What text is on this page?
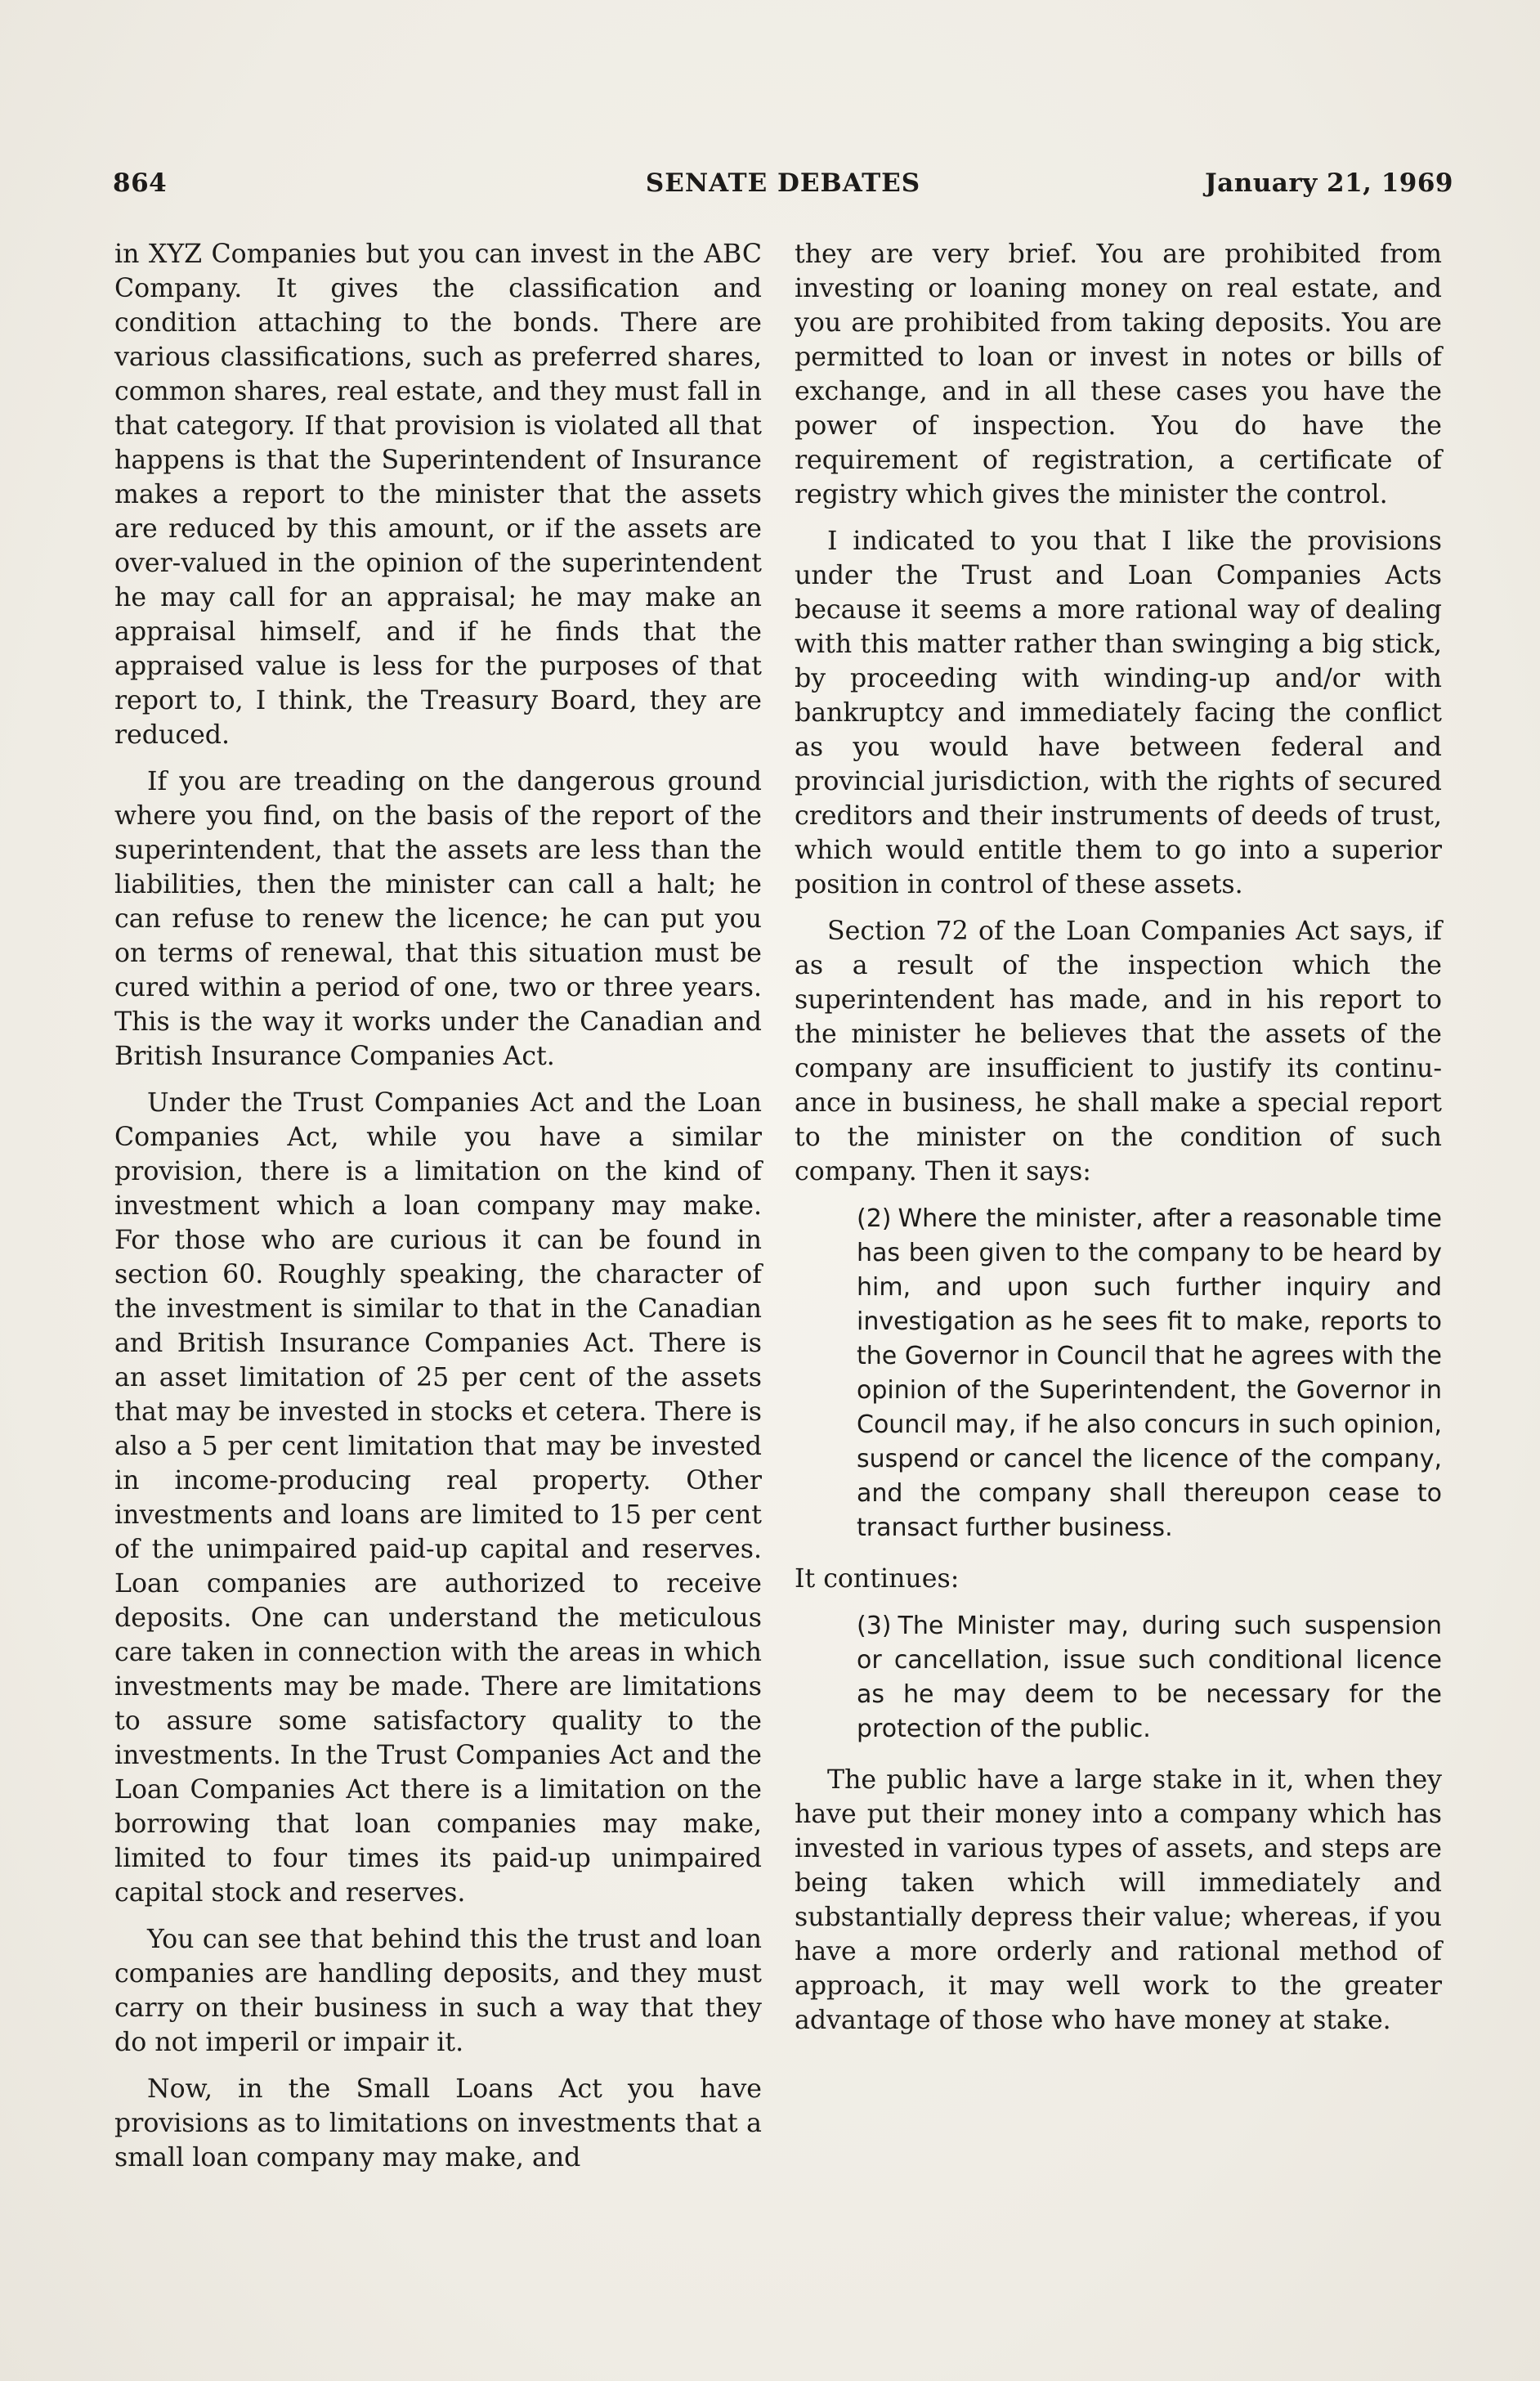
864	SENATE DEBATES	January 21, 1969

in XYZ Companies but you can invest in the ABC Company. It gives the classification and condition attaching to the bonds. There are various classifications, such as preferred shares, common shares, real estate, and they must fall in that category. If that provision is violated all that happens is that the Superintendent of Insurance makes a report to the minister that the assets are reduced by this amount, or if the assets are over-valued in the opinion of the superintendent he may call for an appraisal; he may make an appraisal himself, and if he finds that the appraised value is less for the purposes of that report to, I think, the Treasury Board, they are reduced.

If you are treading on the dangerous ground where you find, on the basis of the report of the superintendent, that the assets are less than the liabilities, then the minister can call a halt; he can refuse to renew the licence; he can put you on terms of renewal, that this situation must be cured within a period of one, two or three years. This is the way it works under the Canadian and British Insurance Companies Act.

Under the Trust Companies Act and the Loan Companies Act, while you have a similar provision, there is a limitation on the kind of investment which a loan company may make. For those who are curious it can be found in section 60. Roughly speaking, the character of the investment is similar to that in the Canadian and British Insurance Companies Act. There is an asset limitation of 25 per cent of the assets that may be invested in stocks et cetera. There is also a 5 per cent limitation that may be invested in income-producing real property. Other investments and loans are limited to 15 per cent of the unimpaired paid-up capital and reserves. Loan companies are authorized to receive deposits. One can understand the meticulous care taken in connection with the areas in which investments may be made. There are limitations to assure some satisfactory quality to the investments. In the Trust Companies Act and the Loan Companies Act there is a limitation on the borrowing that loan companies may make, limited to four times its paid-up unimpaired capital stock and reserves.

You can see that behind this the trust and loan companies are handling deposits, and they must carry on their business in such a way that they do not imperil or impair it.

Now, in the Small Loans Act you have provisions as to limitations on investments that a small loan company may make, and

they are very brief. You are prohibited from investing or loaning money on real estate, and you are prohibited from taking deposits. You are permitted to loan or invest in notes or bills of exchange, and in all these cases you have the power of inspection. You do have the requirement of registration, a certificate of registry which gives the minister the control.

I indicated to you that I like the provisions under the Trust and Loan Companies Acts because it seems a more rational way of dealing with this matter rather than swinging a big stick, by proceeding with winding-up and/or with bankruptcy and immediately facing the conflict as you would have between federal and provincial jurisdiction, with the rights of secured creditors and their instruments of deeds of trust, which would entitle them to go into a superior position in control of these assets.

Section 72 of the Loan Companies Act says, if as a result of the inspection which the superintendent has made, and in his report to the minister he believes that the assets of the company are insufficient to justify its continuance in business, he shall make a special report to the minister on the condition of such company. Then it says:

(2) Where the minister, after a reasonable time has been given to the company to be heard by him, and upon such further inquiry and investigation as he sees fit to make, reports to the Governor in Council that he agrees with the opinion of the Superintendent, the Governor in Council may, if he also concurs in such opinion, suspend or cancel the licence of the company, and the company shall thereupon cease to transact further business.

It continues:

(3) The Minister may, during such suspension or cancellation, issue such conditional licence as he may deem to be necessary for the protection of the public.

The public have a large stake in it, when they have put their money into a company which has invested in various types of assets, and steps are being taken which will immediately and substantially depress their value; whereas, if you have a more orderly and rational method of approach, it may well work to the greater advantage of those who have money at stake.
